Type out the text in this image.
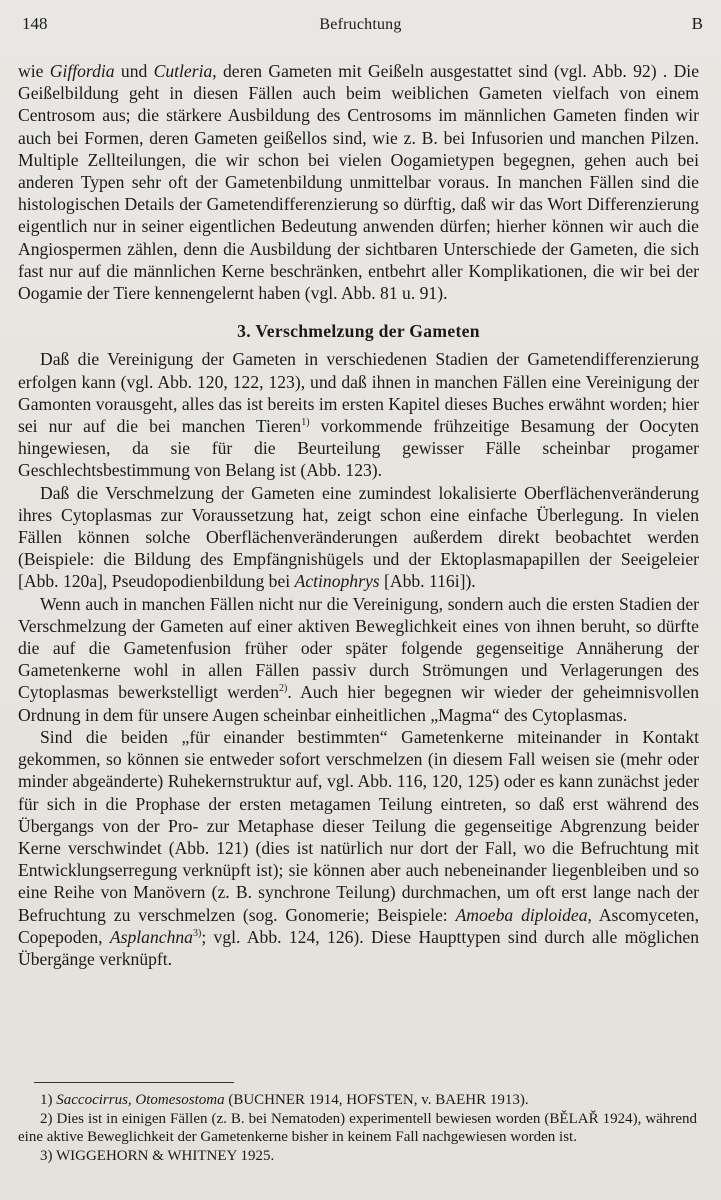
148	Befruchtung	B

wie Giffordia und Cutleria, deren Gameten mit Geißeln ausgestattet sind (vgl. Abb. 92) . Die Geißelbildung geht in diesen Fällen auch beim weiblichen Gameten vielfach von einem Centrosom aus; die stärkere Ausbildung des Centrosoms im männlichen Gameten finden wir auch bei Formen, deren Gameten geißellos sind, wie z. B. bei Infusorien und manchen Pilzen. Multiple Zellteilungen, die wir schon bei vielen Oogamietypen begegnen, gehen auch bei anderen Typen sehr oft der Gametenbildung unmittelbar voraus. In manchen Fällen sind die histologischen Details der Gametendifferenzierung so dürftig, daß wir das Wort Differenzierung eigentlich nur in seiner eigentlichen Bedeutung anwenden dürfen; hierher können wir auch die Angiospermen zählen, denn die Ausbildung der sichtbaren Unterschiede der Gameten, die sich fast nur auf die männlichen Kerne beschränken, entbehrt aller Komplikationen, die wir bei der Oogamie der Tiere kennengelernt haben (vgl. Abb. 81 u. 91).

3. Verschmelzung der Gameten

Daß die Vereinigung der Gameten in verschiedenen Stadien der Gametendifferenzierung erfolgen kann (vgl. Abb. 120, 122, 123), und daß ihnen in manchen Fällen eine Vereinigung der Gamonten vorausgeht, alles das ist bereits im ersten Kapitel dieses Buches erwähnt worden; hier sei nur auf die bei manchen Tieren$^{1)}$ vorkommende frühzeitige Besamung der Oocyten hingewiesen, da sie für die Beurteilung gewisser Fälle scheinbar progamer Geschlechtsbestimmung von Belang ist (Abb. 123).

Daß die Verschmelzung der Gameten eine zumindest lokalisierte Oberflächenveränderung ihres Cytoplasmas zur Voraussetzung hat, zeigt schon eine einfache Überlegung. In vielen Fällen können solche Oberflächenveränderungen außerdem direkt beobachtet werden (Beispiele: die Bildung des Empfängnishügels und der Ektoplasmapapillen der Seeigeleier [Abb. 120a], Pseudopodienbildung bei Actinophrys [Abb. 116i]).

Wenn auch in manchen Fällen nicht nur die Vereinigung, sondern auch die ersten Stadien der Verschmelzung der Gameten auf einer aktiven Beweglichkeit eines von ihnen beruht, so dürfte die auf die Gametenfusion früher oder später folgende gegenseitige Annäherung der Gametenkerne wohl in allen Fällen passiv durch Strömungen und Verlagerungen des Cytoplasmas bewerkstelligt werden$^{2)}$. Auch hier begegnen wir wieder der geheimnisvollen Ordnung in dem für unsere Augen scheinbar einheitlichen „Magma“ des Cytoplasmas.

Sind die beiden „für einander bestimmten“ Gametenkerne miteinander in Kontakt gekommen, so können sie entweder sofort verschmelzen (in diesem Fall weisen sie (mehr oder minder abgeänderte) Ruhekernstruktur auf, vgl. Abb. 116, 120, 125) oder es kann zunächst jeder für sich in die Prophase der ersten metagamen Teilung eintreten, so daß erst während des Übergangs von der Pro- zur Metaphase dieser Teilung die gegenseitige Abgrenzung beider Kerne verschwindet (Abb. 121) (dies ist natürlich nur dort der Fall, wo die Befruchtung mit Entwicklungserregung verknüpft ist); sie können aber auch nebeneinander liegenbleiben und so eine Reihe von Manövern (z. B. synchrone Teilung) durchmachen, um oft erst lange nach der Befruchtung zu verschmelzen (sog. Gonomerie; Beispiele: Amoeba diploidea, Ascomyceten, Copepoden, Asplanchna$^{3)}$; vgl. Abb. 124, 126). Diese Haupttypen sind durch alle möglichen Übergänge verknüpft.

1) Saccocirrus, Otomesostoma (BUCHNER 1914, HOFSTEN, v. BAEHR 1913).

2) Dies ist in einigen Fällen (z. B. bei Nematoden) experimentell bewiesen worden (BĚLAŘ 1924), während eine aktive Beweglichkeit der Gametenkerne bisher in keinem Fall nachgewiesen worden ist.

3) WIGGEHORN & WHITNEY 1925.
